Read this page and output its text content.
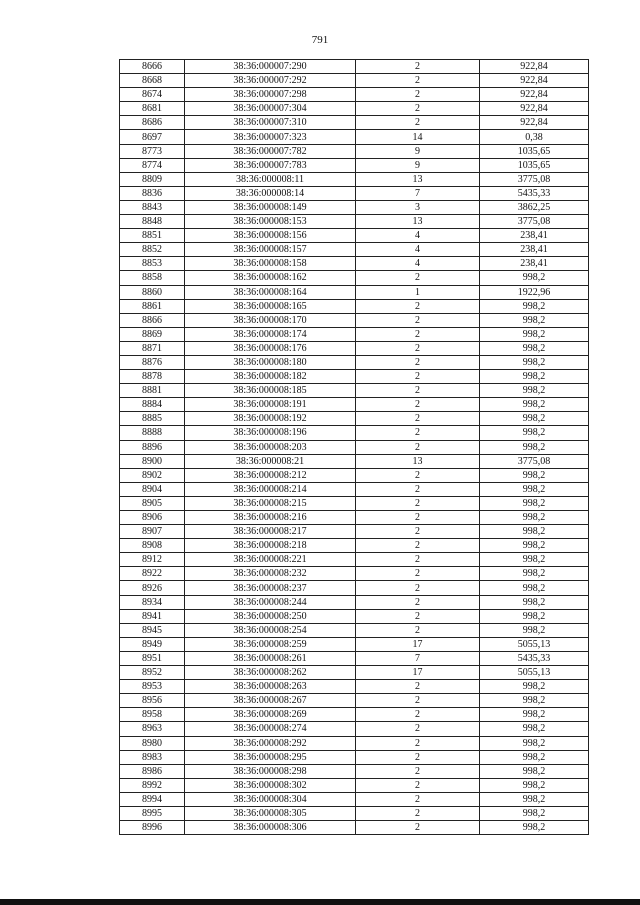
791
8666	38:36:000007:290	2	922,84
8668	38:36:000007:292	2	922,84
8674	38:36:000007:298	2	922,84
8681	38:36:000007:304	2	922,84
8686	38:36:000007:310	2	922,84
8697	38:36:000007:323	14	0,38
8773	38:36:000007:782	9	1035,65
8774	38:36:000007:783	9	1035,65
8809	38:36:000008:11	13	3775,08
8836	38:36:000008:14	7	5435,33
8843	38:36:000008:149	3	3862,25
8848	38:36:000008:153	13	3775,08
8851	38:36:000008:156	4	238,41
8852	38:36:000008:157	4	238,41
8853	38:36:000008:158	4	238,41
8858	38:36:000008:162	2	998,2
8860	38:36:000008:164	1	1922,96
8861	38:36:000008:165	2	998,2
8866	38:36:000008:170	2	998,2
8869	38:36:000008:174	2	998,2
8871	38:36:000008:176	2	998,2
8876	38:36:000008:180	2	998,2
8878	38:36:000008:182	2	998,2
8881	38:36:000008:185	2	998,2
8884	38:36:000008:191	2	998,2
8885	38:36:000008:192	2	998,2
8888	38:36:000008:196	2	998,2
8896	38:36:000008:203	2	998,2
8900	38:36:000008:21	13	3775,08
8902	38:36:000008:212	2	998,2
8904	38:36:000008:214	2	998,2
8905	38:36:000008:215	2	998,2
8906	38:36:000008:216	2	998,2
8907	38:36:000008:217	2	998,2
8908	38:36:000008:218	2	998,2
8912	38:36:000008:221	2	998,2
8922	38:36:000008:232	2	998,2
8926	38:36:000008:237	2	998,2
8934	38:36:000008:244	2	998,2
8941	38:36:000008:250	2	998,2
8945	38:36:000008:254	2	998,2
8949	38:36:000008:259	17	5055,13
8951	38:36:000008:261	7	5435,33
8952	38:36:000008:262	17	5055,13
8953	38:36:000008:263	2	998,2
8956	38:36:000008:267	2	998,2
8958	38:36:000008:269	2	998,2
8963	38:36:000008:274	2	998,2
8980	38:36:000008:292	2	998,2
8983	38:36:000008:295	2	998,2
8986	38:36:000008:298	2	998,2
8992	38:36:000008:302	2	998,2
8994	38:36:000008:304	2	998,2
8995	38:36:000008:305	2	998,2
8996	38:36:000008:306	2	998,2
